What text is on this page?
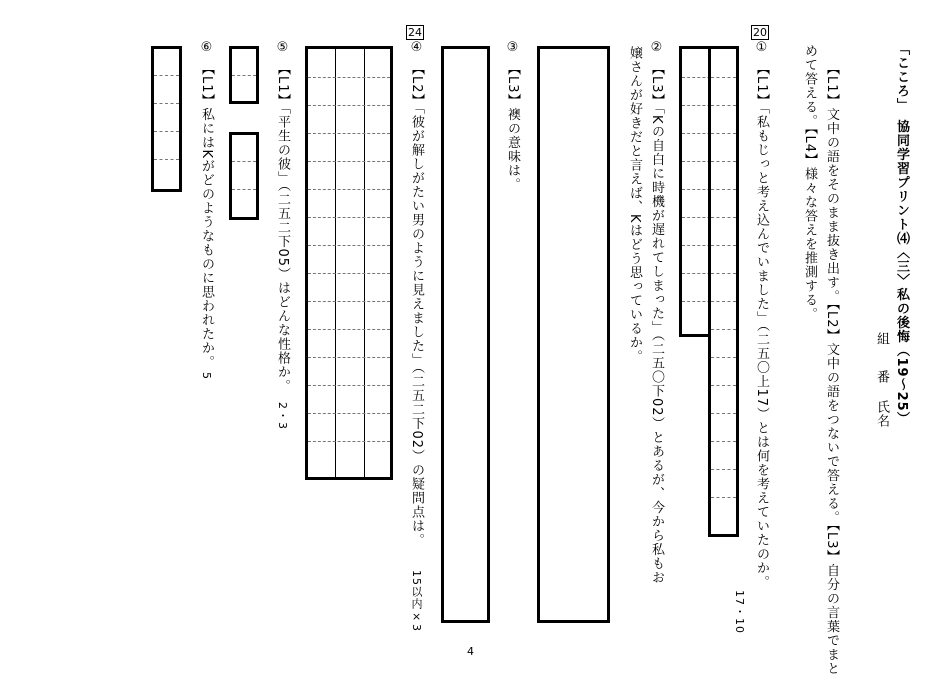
「こころ」　協同学習プリント⑷〈三〉私の後悔（19〜25）
組
番
氏名
【L1】文中の語をそのまま抜き出す。【L2】文中の語をつないで答える。【L3】自分の言葉でまと
めて答える。【L4】様々な答えを推測する。
20
①
【L1】「私もじっと考え込んでいました」（二五〇上17）とは何を考えていたのか。
17・10
②
【L3】「Kの自白に時機が遅れてしまった」（二五〇下02）とあるが、今から私もお
嬢さんが好きだと言えば、Kはどう思っているか。
③
【L3】襖の意味は。
24
④
【L2】「彼が解しがたい男のように見えました」（二五二下02）の疑問点は。
15以内×3
⑤
【L1】「平生の彼」（二五二下05）はどんな性格か。
2・3
⑥
【L1】私にはKがどのようなものに思われたか。
5
4
